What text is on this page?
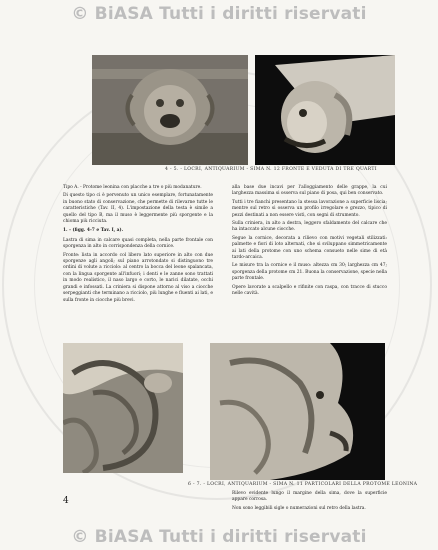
© BiASA Tutti i diritti riservati
4 - 5. - LOCRI, ANTIQUARIUM - SIMA N. 12 FRONTE E VEDUTA DI TRE QUARTI

Tipo A. - Protome leonina con placche a tre o più modanature.

Di questo tipo ci è pervenuto un unico esemplare, fortunatamente in buono stato di conservazione, che permette di rilevarne tutte le caratteristiche (Tav. II, 4). L'impostazione della testa è simile a quello del tipo B, ma il muso è leggermente più sporgente e la chioma più ricciuta.

1. - (figg. 4-7 e Tav. I, a).

Lastra di sima in calcare quasi completa, nella parte frontale con sporgenza in alto in corrispondenza della cornice.

Fronte: lista in accordo col libero lato superiore in alto con due sporgenze agli angoli; sul piano arrotondato si distinguono tre ordini di volute a ricciolo: al centro la bocca del leone spalancata, con la lingua sporgente all'infuori; i denti e le zanne sono trattati in modo realistico, il naso largo e corto, le narici dilatate, occhi grandi e infossati. La criniera si dispone attorno al viso a ciocche serpeggianti che terminano a ricciolo, più lunghe e fluenti ai lati, e sulla fronte in ciocche più brevi.

alla base due incavi per l'alloggiamento delle grappe, la cui larghezza massima si osserva sul piano di posa, qui ben conservato.

Tutti i tre fianchi presentano la stessa lavorazione a superficie liscia; mentre sul retro si osserva un profilo irregolare e grezzo, tipico di pezzi destinati a non essere visti, con segni di strumento.

Sulla criniera, in alto a destra, leggero sfaldamento del calcare che ha intaccato alcune ciocche.

Segue la cornice, decorata a rilievo con motivi vegetali stilizzati: palmette e fiori di loto alternati, che si sviluppano simmetricamente ai lati della protome con uno schema consueto nelle sime di età tardo-arcaica.

Le misure tra la cornice e il muso: altezza cm 30; larghezza cm 47; sporgenza della protome cm 21. Buona la conservazione, specie nella parte frontale.

Opere lavorate a scalpello e rifinite con raspa, con tracce di stucco nelle cavità.

Rilevo evidente lungo il margine della sima, dove la superficie appare corrosa.

Non sono leggibili sigle o numerazioni sul retro della lastra.

6 - 7. - LOCRI, ANTIQUARIUM - SIMA N. 11 PARTICOLARI DELLA PROTOME LEONINA
4
© BiASA Tutti i diritti riservati
